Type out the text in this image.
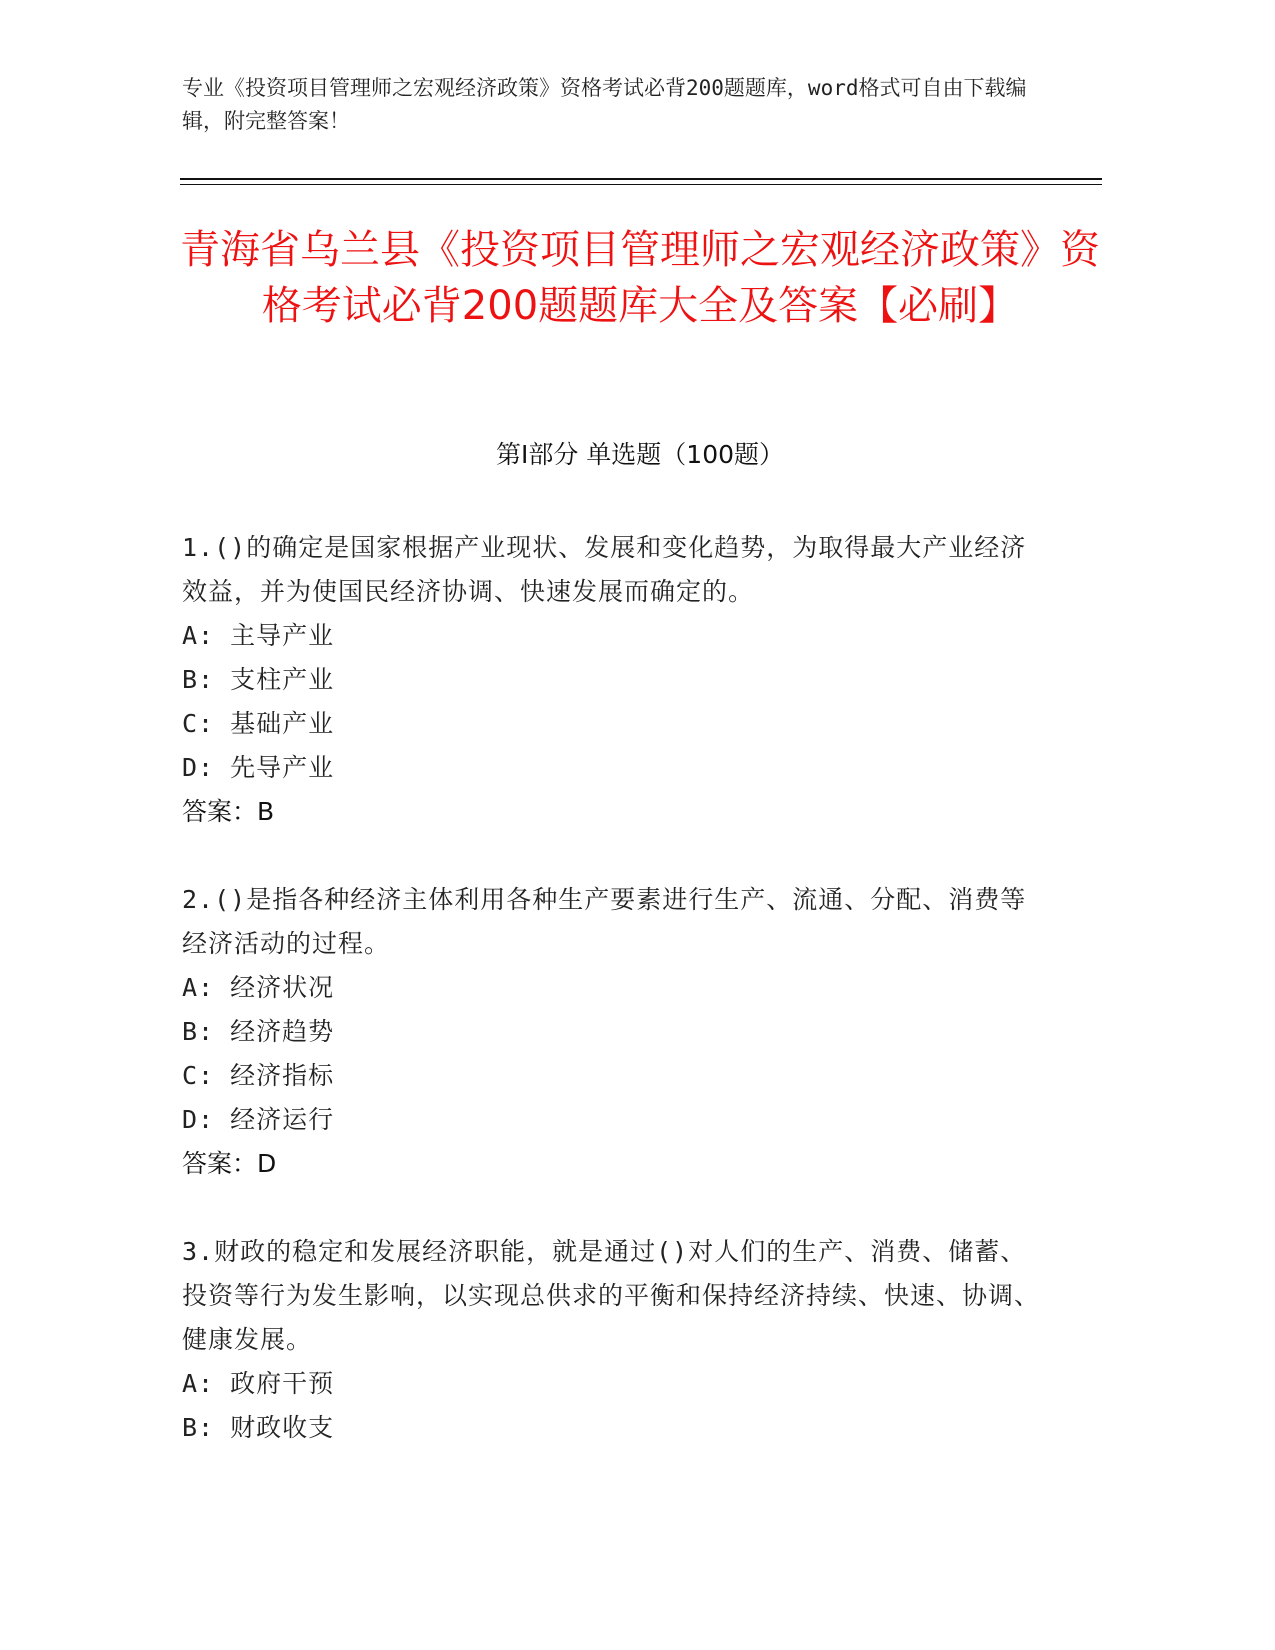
专业《投资项目管理师之宏观经济政策》资格考试必背200题题库，word格式可自由下载编辑，附完整答案！
青海省乌兰县《投资项目管理师之宏观经济政策》资格考试必背200题题库大全及答案【必刷】
第I部分 单选题（100题）
1.()的确定是国家根据产业现状、发展和变化趋势，为取得最大产业经济效益，并为使国民经济协调、快速发展而确定的。
A: 主导产业
B: 支柱产业
C: 基础产业
D: 先导产业
答案：B
2.()是指各种经济主体利用各种生产要素进行生产、流通、分配、消费等经济活动的过程。
A: 经济状况
B: 经济趋势
C: 经济指标
D: 经济运行
答案：D
3.财政的稳定和发展经济职能，就是通过()对人们的生产、消费、储蓄、投资等行为发生影响，以实现总供求的平衡和保持经济持续、快速、协调、健康发展。
A: 政府干预
B: 财政收支
